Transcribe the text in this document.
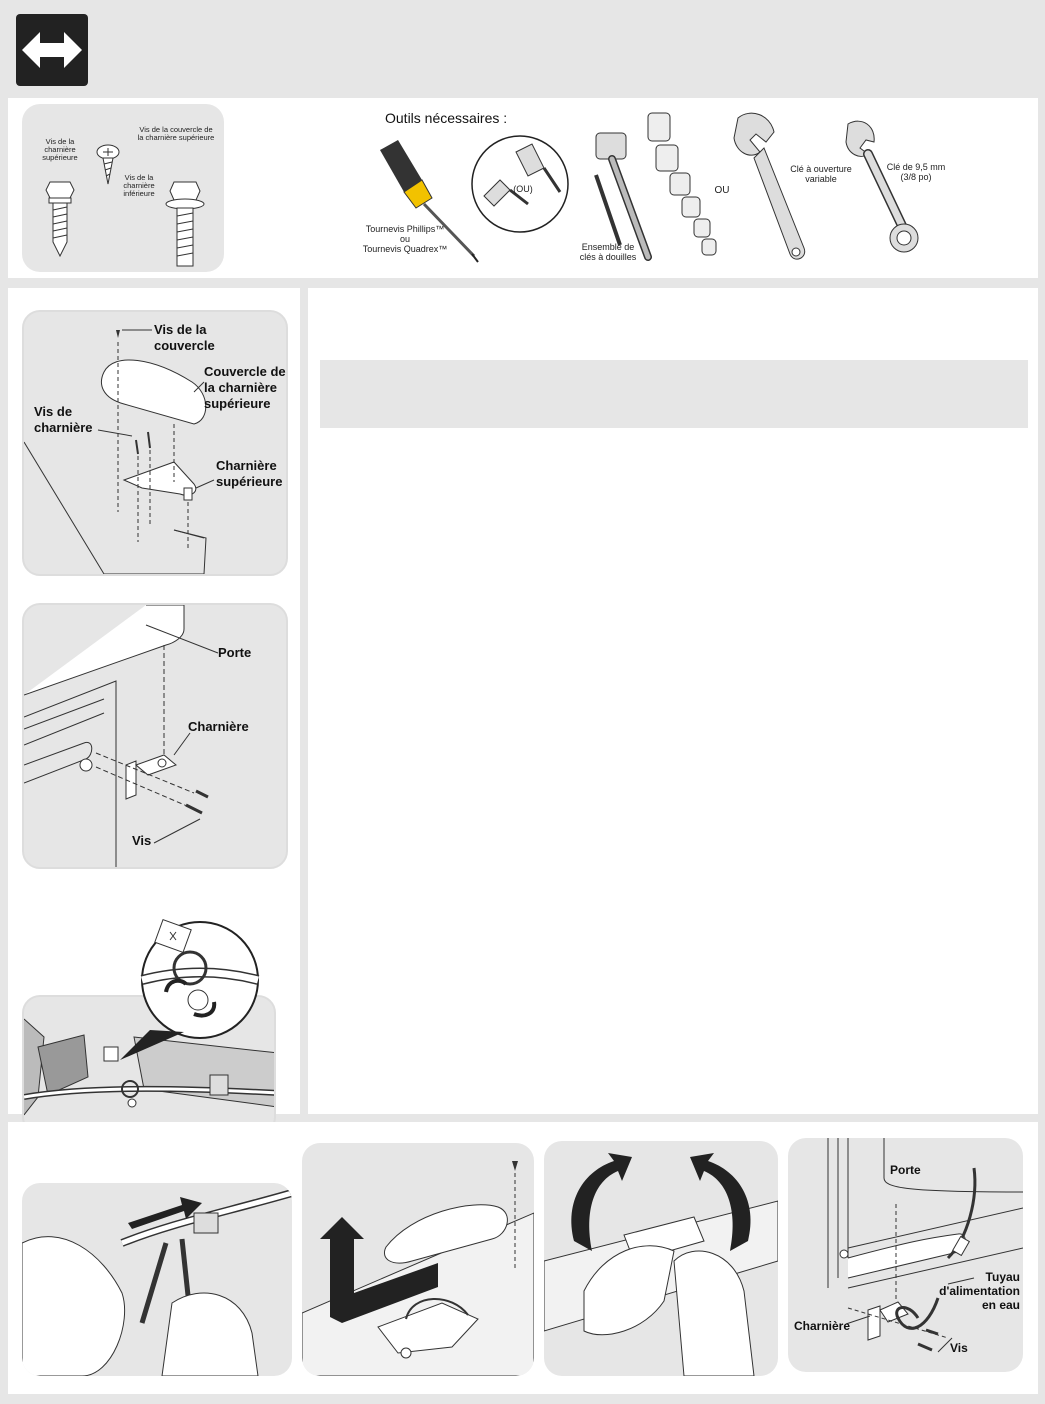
Vis de la
charnière
supérieure
Vis de la couvercle de
la charnière supérieure
Vis de la
charnière
inférieure
Outils nécessaires :
Tournevis Phillips™
ou
Tournevis Quadrex™
(OU)
Ensemble de
clés à douilles
OU
Clé à ouverture
variable
Clé de 9,5 mm
(3/8 po)
Vis de la
couvercle
Couvercle de
la charnière
supérieure
Vis de
charnière
Charnière
supérieure
Porte
Charnière
Vis
Porte
Tuyau
d'alimentation
en eau
Charnière
Vis
